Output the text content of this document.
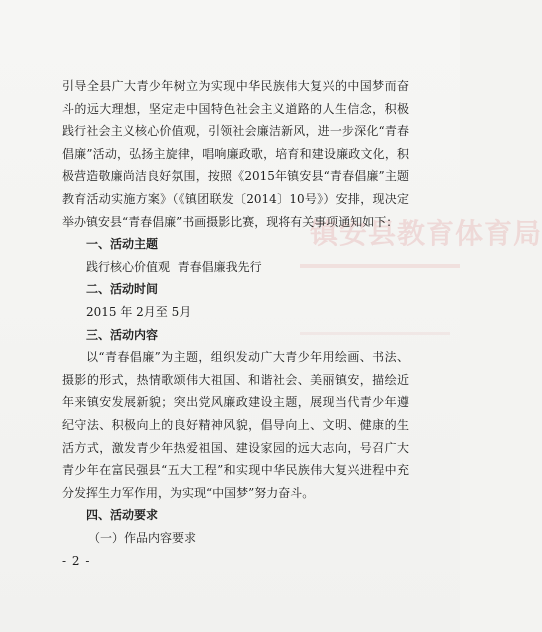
镇安县教育体育局

引导全县广大青少年树立为实现中华民族伟大复兴的中国梦而奋斗的远大理想，坚定走中国特色社会主义道路的人生信念，积极践行社会主义核心价值观，引领社会廉洁新风，进一步深化“青春倡廉”活动，弘扬主旋律，唱响廉政歌，培育和建设廉政文化，积极营造敬廉尚洁良好氛围，按照《2015年镇安县“青春倡廉”主题教育活动实施方案》（《镇团联发〔2014〕10号》）安排，现决定举办镇安县“青春倡廉”书画摄影比赛，现将有关事项通知如下：

一、活动主题

践行核心价值观  青春倡廉我先行

二、活动时间

2015 年 2月至 5月

三、活动内容

以“青春倡廉”为主题，组织发动广大青少年用绘画、书法、摄影的形式，热情歌颂伟大祖国、和谐社会、美丽镇安，描绘近年来镇安发展新貌；突出党风廉政建设主题，展现当代青少年遵纪守法、积极向上的良好精神风貌，倡导向上、文明、健康的生活方式，激发青少年热爱祖国、建设家园的远大志向，号召广大青少年在富民强县“五大工程”和实现中华民族伟大复兴进程中充分发挥生力军作用，为实现“中国梦”努力奋斗。

四、活动要求

（一）作品内容要求

- 2 -
